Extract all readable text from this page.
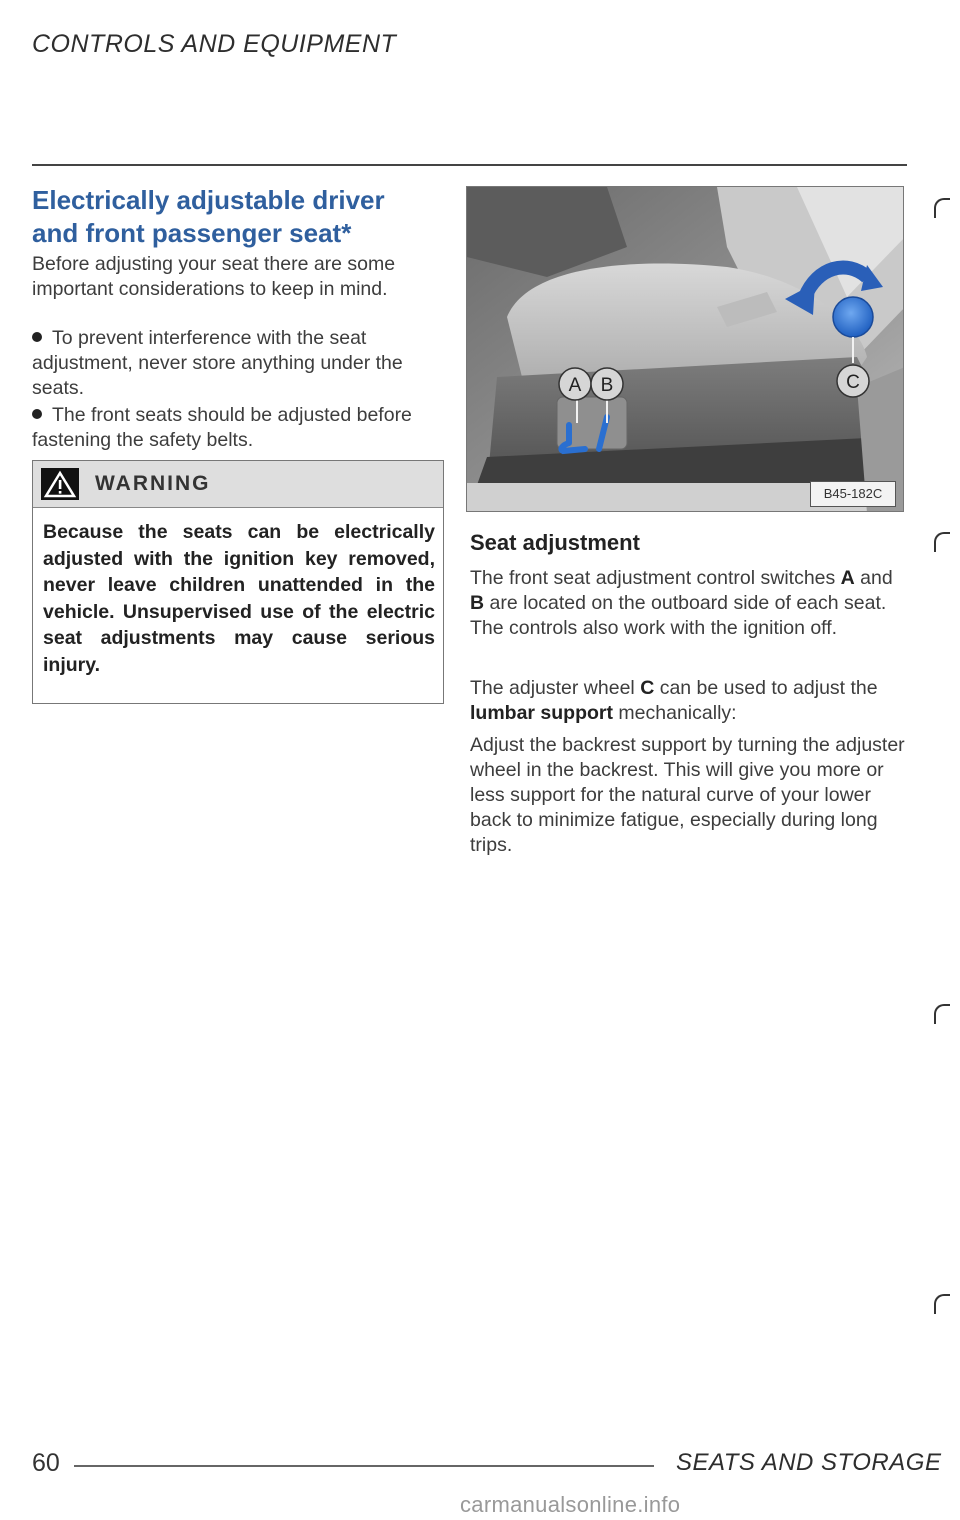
CONTROLS AND EQUIPMENT
Electrically adjustable driver and front passenger seat*
Before adjusting your seat there are some important considerations to keep in mind.
To prevent interference with the seat adjustment, never store anything under the seats.
The front seats should be adjusted before fastening the safety belts.
WARNING
Because the seats can be electrically adjusted with the ignition key removed, never leave children unattended in the vehicle. Unsupervised use of the electric seat adjustments may cause serious injury.
A B	C
B45-182C
Seat adjustment
The front seat adjustment control switches A and B are located on the outboard side of each seat. The controls also work with the ignition off.
The adjuster wheel C can be used to adjust the lumbar support mechanically:
Adjust the backrest support by turning the adjuster wheel in the backrest. This will give you more or less support for the natural curve of your lower back to minimize fatigue, especially during long trips.
60	SEATS AND STORAGE
carmanualsonline.info
